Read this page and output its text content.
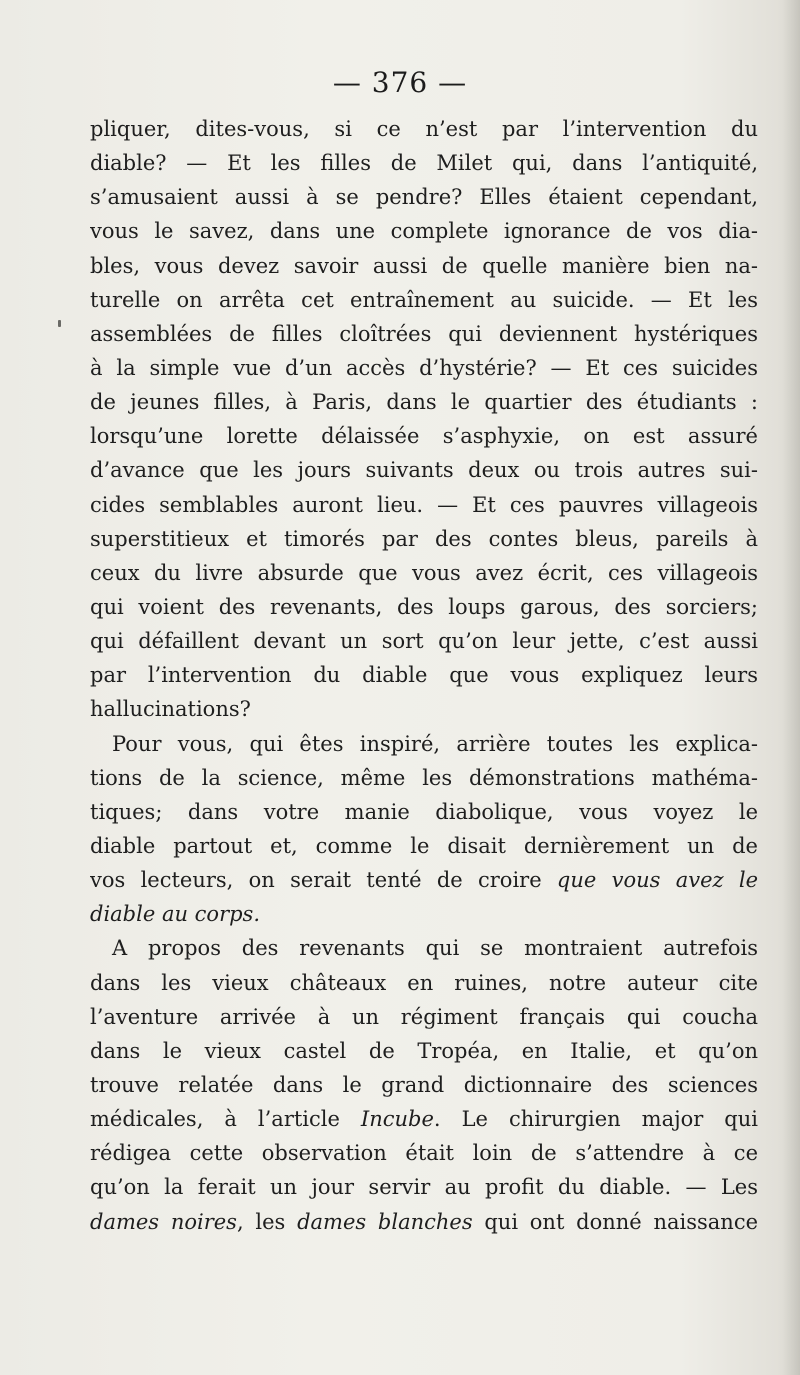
— 376 —
pliquer, dites-vous, si ce n’est par l’intervention du
diable? — Et les filles de Milet qui, dans l’antiquité,
s’amusaient aussi à se pendre? Elles étaient cependant,
vous le savez, dans une complete ignorance de vos dia-
bles, vous devez savoir aussi de quelle manière bien na-
turelle on arrêta cet entraînement au suicide. — Et les
assemblées de filles cloîtrées qui deviennent hystériques
à la simple vue d’un accès d’hystérie? — Et ces suicides
de jeunes filles, à Paris, dans le quartier des étudiants :
lorsqu’une lorette délaissée s’asphyxie, on est assuré
d’avance que les jours suivants deux ou trois autres sui-
cides semblables auront lieu. — Et ces pauvres villageois
superstitieux et timorés par des contes bleus, pareils à
ceux du livre absurde que vous avez écrit, ces villageois
qui voient des revenants, des loups garous, des sorciers;
qui défaillent devant un sort qu’on leur jette, c’est aussi
par l’intervention du diable que vous expliquez leurs
hallucinations?
Pour vous, qui êtes inspiré, arrière toutes les explica-
tions de la science, même les démonstrations mathéma-
tiques; dans votre manie diabolique, vous voyez le
diable partout et, comme le disait dernièrement un de
vos lecteurs, on serait tenté de croire que vous avez le
diable au corps.
A propos des revenants qui se montraient autrefois
dans les vieux châteaux en ruines, notre auteur cite
l’aventure arrivée à un régiment français qui coucha
dans le vieux castel de Tropéa, en Italie, et qu’on
trouve relatée dans le grand dictionnaire des sciences
médicales, à l’article Incube. Le chirurgien major qui
rédigea cette observation était loin de s’attendre à ce
qu’on la ferait un jour servir au profit du diable. — Les
dames noires, les dames blanches qui ont donné naissance
